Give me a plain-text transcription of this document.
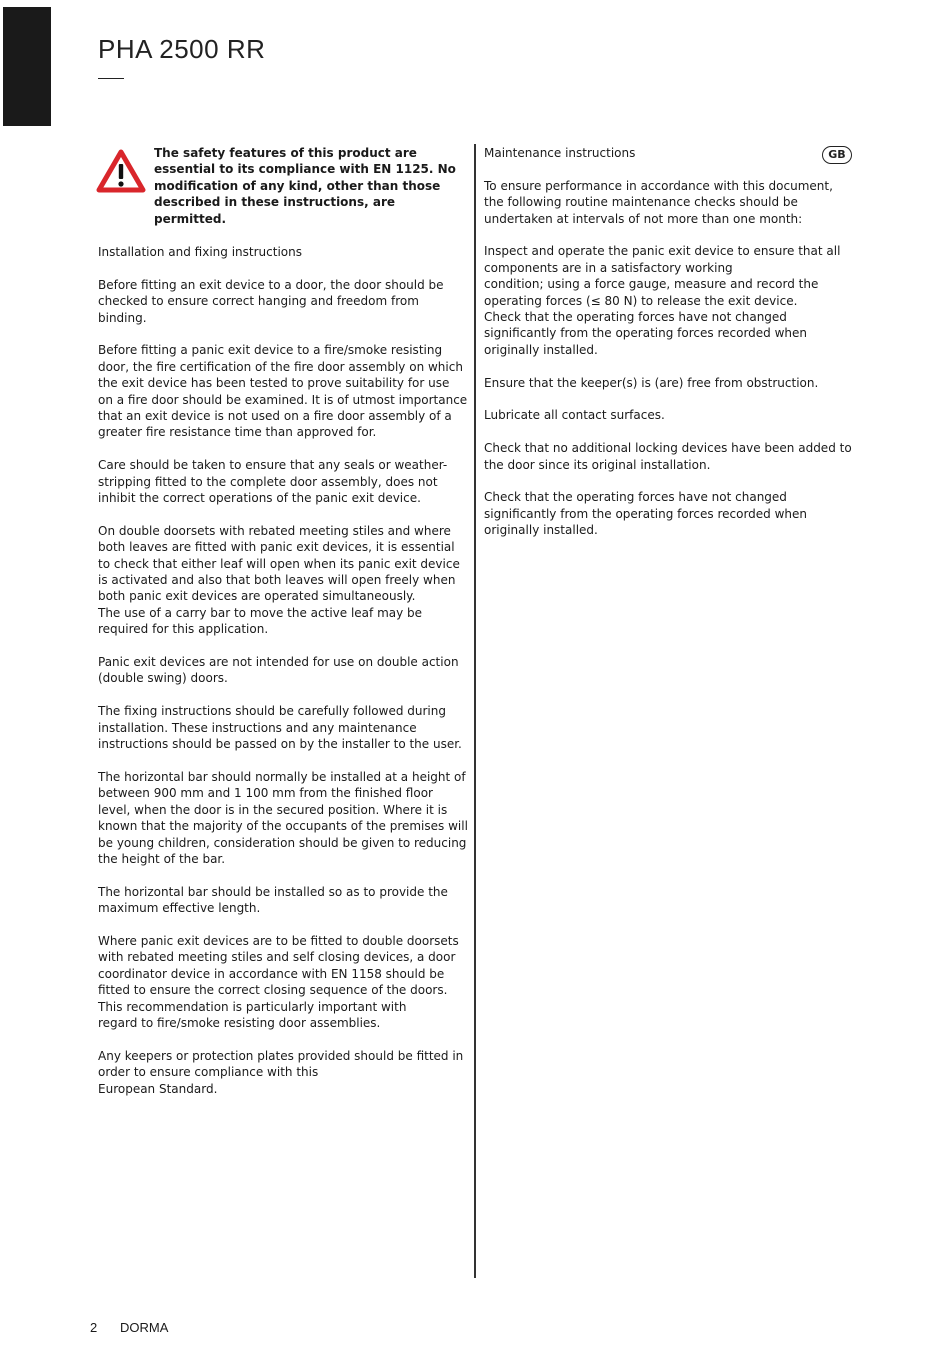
PHA 2500 RR

The safety features of this product are essential to its compliance with EN 1125. No modification of any kind, other than those described in these instructions, are permitted.

Installation and fixing instructions

Before fitting an exit device to a door, the door should be checked to ensure correct hanging and freedom from binding.

Before fitting a panic exit device to a fire/smoke resisting door, the fire certification of the fire door assembly on which the exit device has been tested to prove suitability for use on a fire door should be examined. It is of utmost importance that an exit device is not used on a fire door assembly of a greater fire resistance time than approved for.

Care should be taken to ensure that any seals or weather-stripping fitted to the complete door assembly, does not inhibit the correct operations of the panic exit device.

On double doorsets with rebated meeting stiles and where both leaves are fitted with panic exit devices, it is essential to check that either leaf will open when its panic exit device is activated and also that both leaves will open freely when both panic exit devices are operated simultaneously.
The use of a carry bar to move the active leaf may be required for this application.

Panic exit devices are not intended for use on double action (double swing) doors.

The fixing instructions should be carefully followed during installation. These instructions and any maintenance instructions should be passed on by the installer to the user.

The horizontal bar should normally be installed at a height of between 900 mm and 1 100 mm from the finished floor level, when the door is in the secured position. Where it is known that the majority of the occupants of the premises will be young children, consideration should be given to reducing the height of the bar.

The horizontal bar should be installed so as to provide the maximum effective length.

Where panic exit devices are to be fitted to double doorsets with rebated meeting stiles and self closing devices, a door coordinator device in accordance with EN 1158 should be fitted to ensure the correct closing sequence of the doors. This recommendation is particularly important with
regard to fire/smoke resisting door assemblies.

Any keepers or protection plates provided should be fitted in order to ensure compliance with this
European Standard.

Maintenance instructions

To ensure performance in accordance with this document, the following routine maintenance checks should be undertaken at intervals of not more than one month:

Inspect and operate the panic exit device to ensure that all components are in a satisfactory working
condition; using a force gauge, measure and record the operating forces (≤ 80 N) to release the exit device.
Check that the operating forces have not changed significantly from the operating forces recorded when originally installed.

Ensure that the keeper(s) is (are) free from obstruction.

Lubricate all contact surfaces.

Check that no additional locking devices have been added to the door since its original installation.

Check that the operating forces have not changed significantly from the operating forces recorded when originally installed.

GB
2 DORMA
